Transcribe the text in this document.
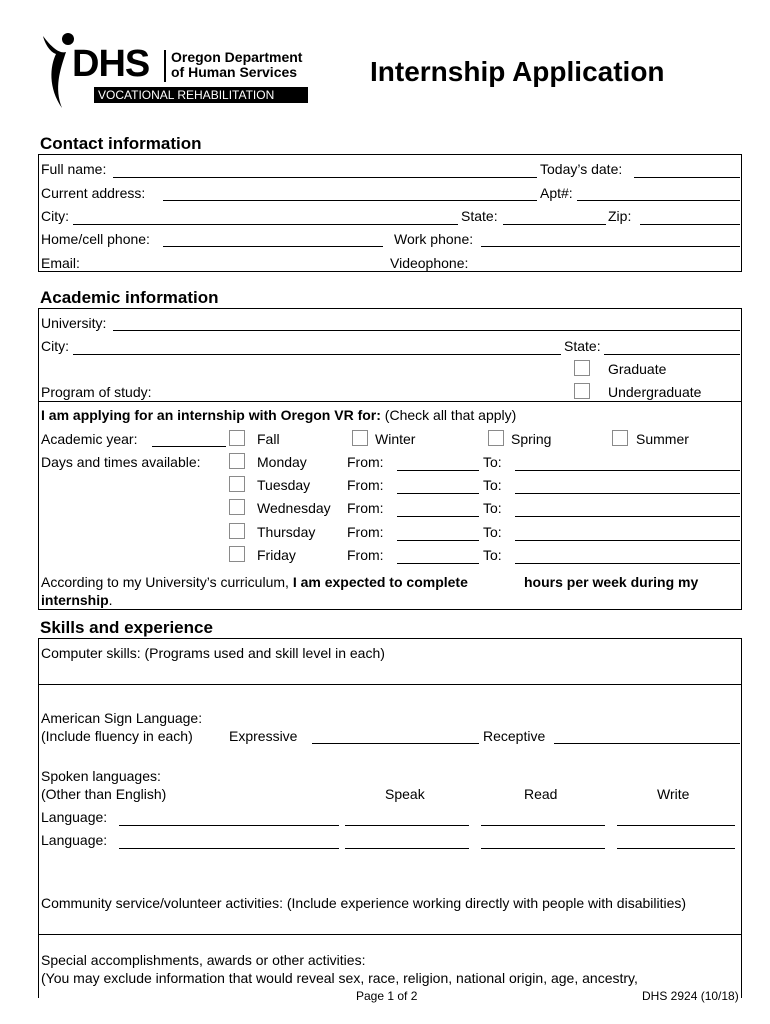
DHS Oregon Department
of Human Services
VOCATIONAL REHABILITATION
Internship Application
Contact information
Full name:	Today’s date:
Current address:	Apt#:
City:	State:	Zip:
Home/cell phone:	Work phone:
Email:	Videophone:
Academic information
University:
City:	State:
Graduate
Undergraduate
Program of study:
I am applying for an internship with Oregon VR for: (Check all that apply)
Academic year:	Fall	Winter	Spring	Summer
Days and times available:	Monday	From:	To:
Tuesday	From:	To:
Wednesday From:	To:
Thursday From:	To:
Friday	From:	To:
According to my University’s curriculum, I am expected to complete	hours per week during my
internship.
Skills and experience
Computer skills: (Programs used and skill level in each)
American Sign Language:
(Include fluency in each)	Expressive	Receptive
Spoken languages:
(Other than English)	Speak	Read	Write
Language:
Language:
Community service/volunteer activities: (Include experience working directly with people with disabilities)
Special accomplishments, awards or other activities:
(You may exclude information that would reveal sex, race, religion, national origin, age, ancestry,
Page 1 of 2	DHS 2924 (10/18)
